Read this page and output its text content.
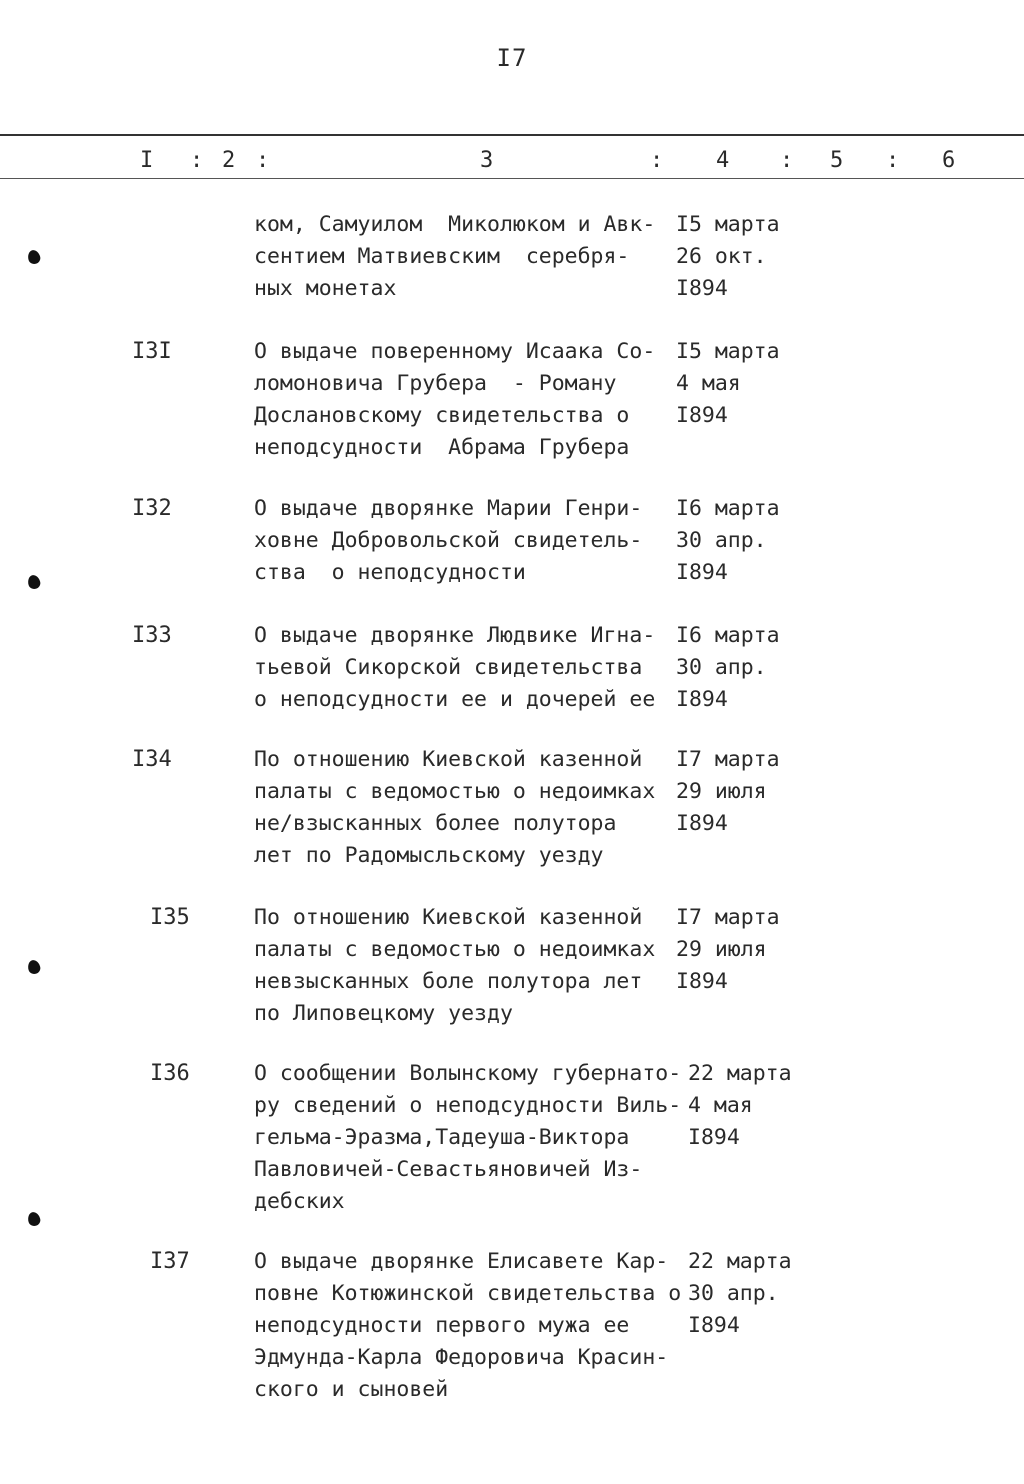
I7
I : 2 :	3	: 4 : 5 : 6
ком, Самуилом  Миколюком и Авк-
сентием Матвиевским  серебря-
ных монетах
I5 марта
26 окт.
I894
I3I	О выдаче поверенному Исаака Со-
ломоновича Грубера  - Роману
Дослановскому свидетельства о
неподсудности  Абрама Грубера
I5 марта
4 мая
I894
I32	О выдаче дворянке Марии Генри-
ховне Добровольской свидетель-
ства  о неподсудности
I6 марта
30 апр.
I894
I33	О выдаче дворянке Людвике Игна-
тьевой Сикорской свидетельства
о неподсудности ее и дочерей ее
I6 марта
30 апр.
I894
I34	По отношению Киевской казенной
палаты с ведомостью о недоимках
не/взысканных более полутора
лет по Радомысльскому уезду
I7 марта
29 июля
I894
I35	По отношению Киевской казенной
палаты с ведомостью о недоимках
невзысканных боле полутора лет
по Липовецкому уезду
I7 марта
29 июля
I894
I36	О сообщении Волынскому губернато-
ру сведений о неподсудности Виль-
гельма-Эразма,Тадеуша-Виктора
Павловичей-Севастьяновичей Из-
дебских
22 марта
4 мая
I894
I37	О выдаче дворянке Елисавете Кар-
повне Котюжинской свидетельства о
неподсудности первого мужа ее
Эдмунда-Карла Федоровича Красин-
ского и сыновей
22 марта
30 апр.
I894
